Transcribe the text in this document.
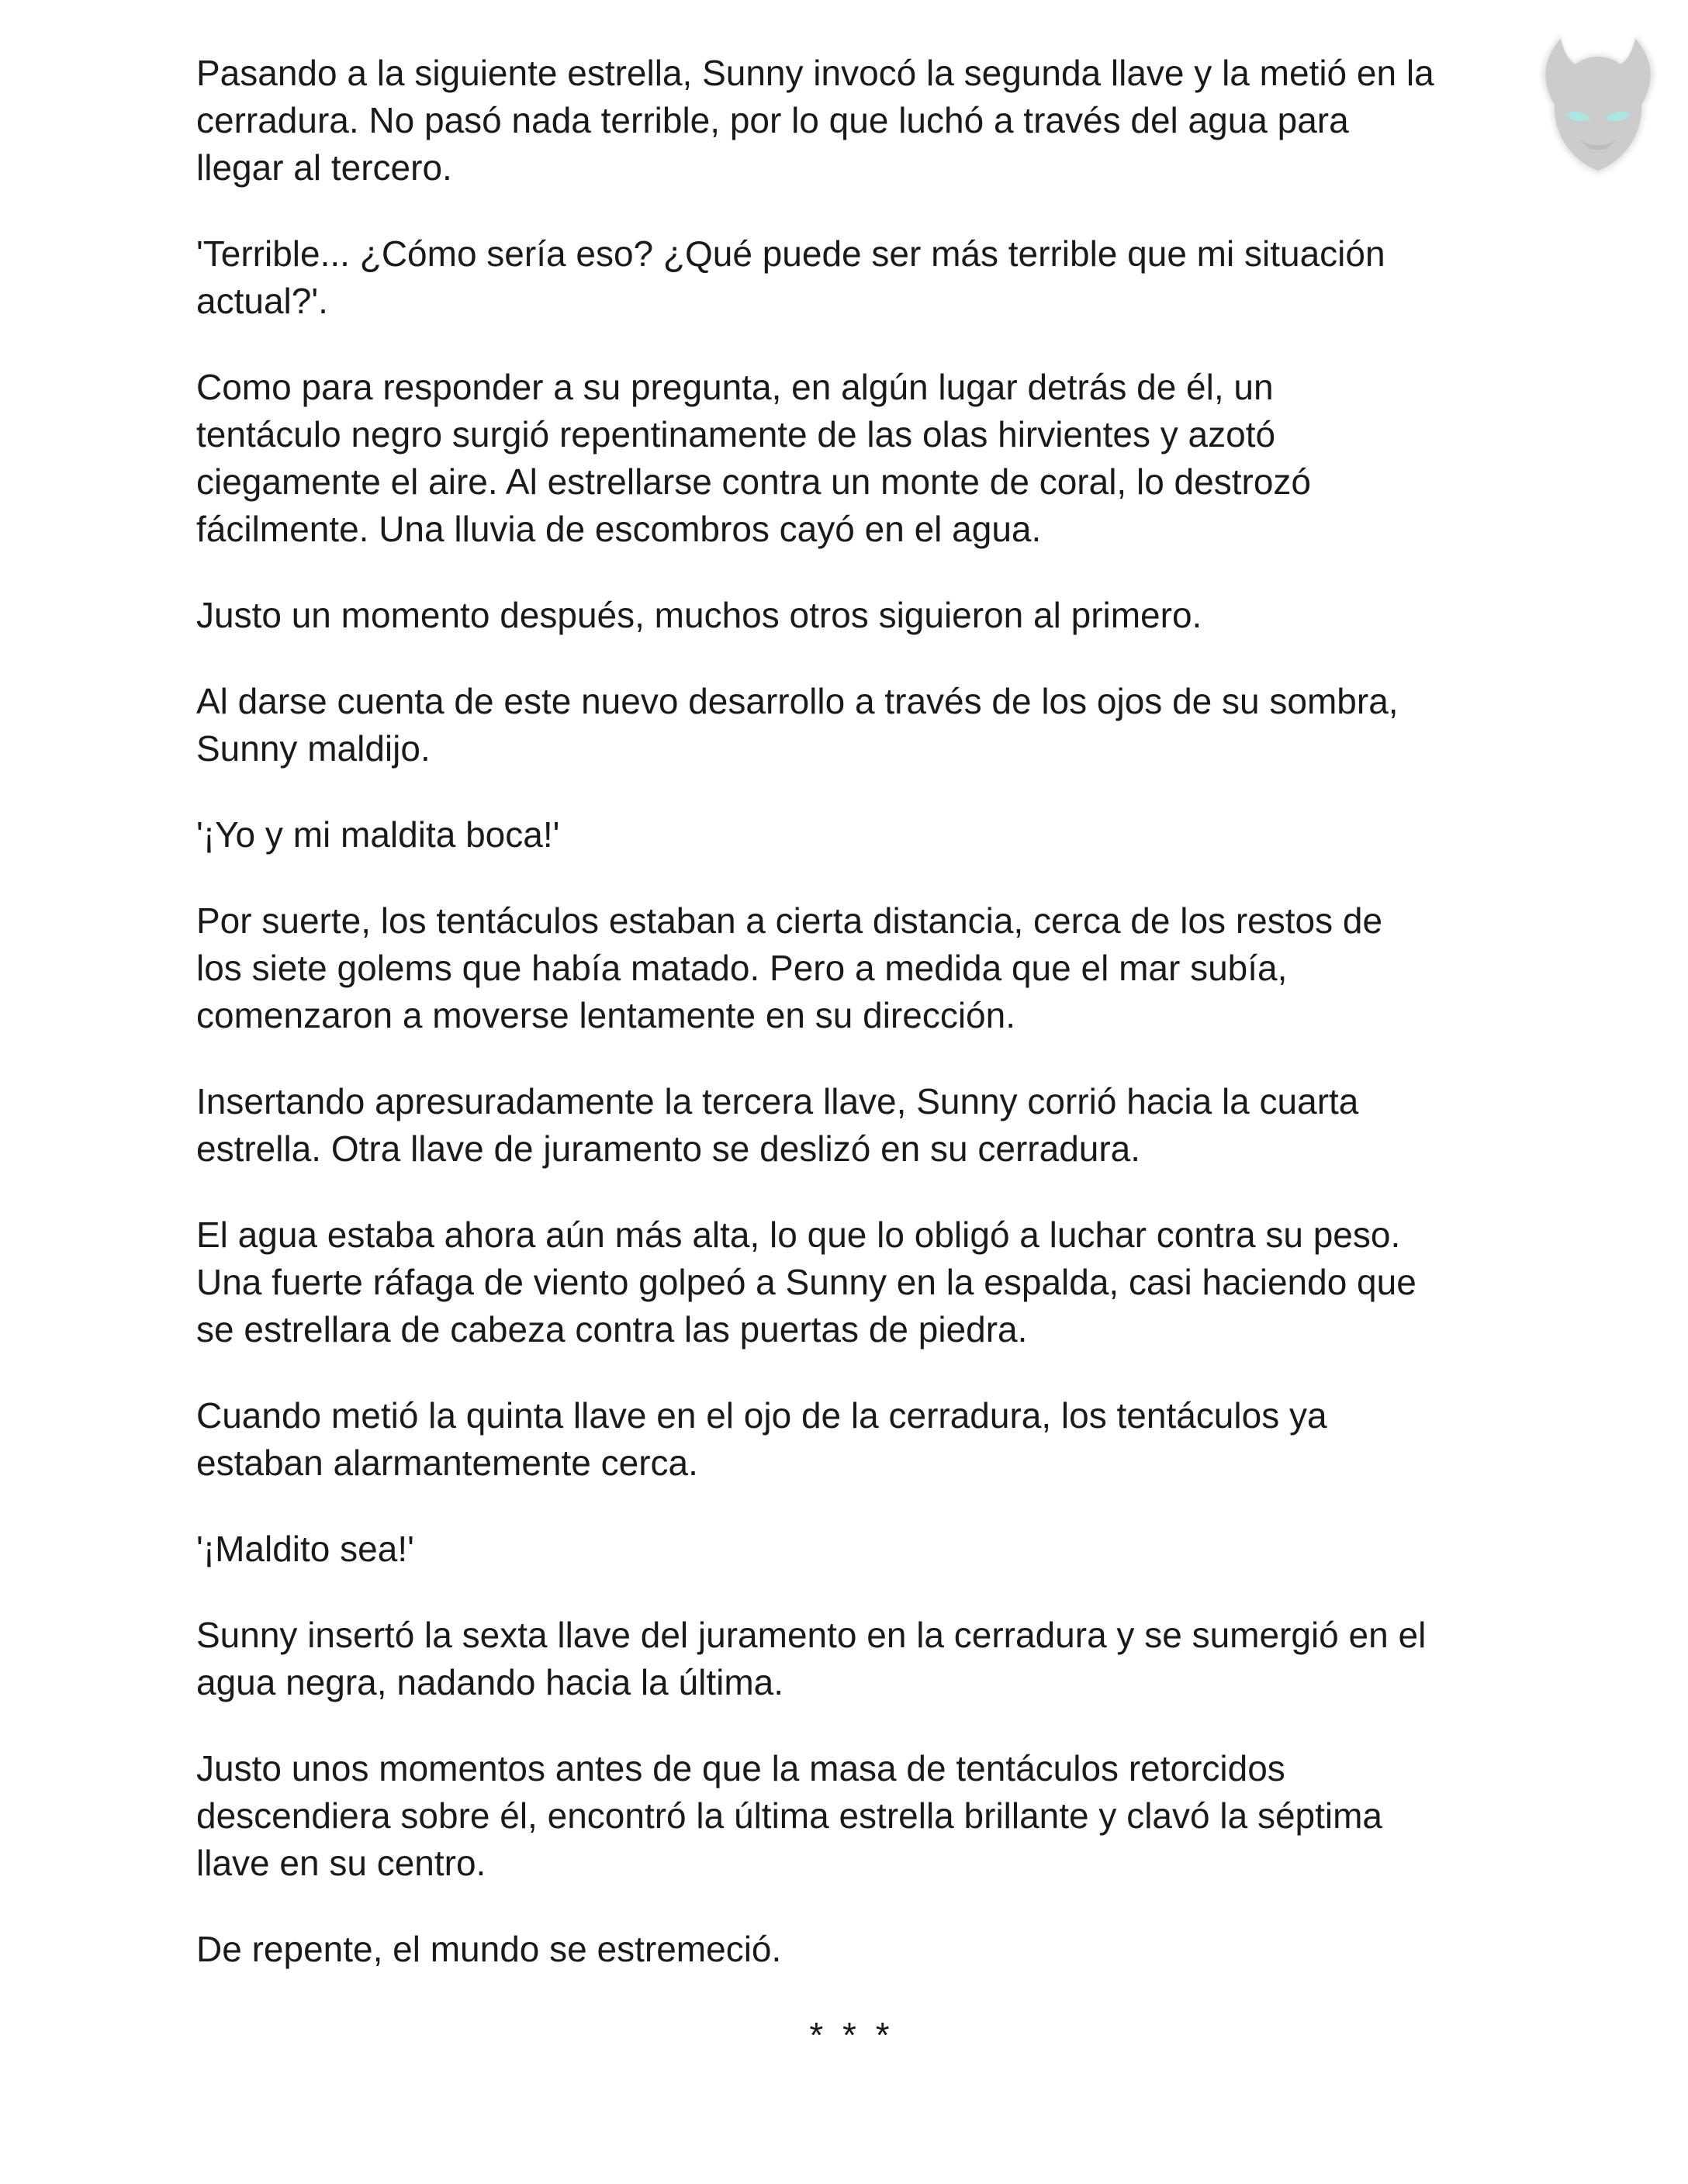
Pasando a la siguiente estrella, Sunny invocó la segunda llave y la metió en la
cerradura. No pasó nada terrible, por lo que luchó a través del agua para
llegar al tercero.

'Terrible... ¿Cómo sería eso? ¿Qué puede ser más terrible que mi situación
actual?'.

Como para responder a su pregunta, en algún lugar detrás de él, un
tentáculo negro surgió repentinamente de las olas hirvientes y azotó
ciegamente el aire. Al estrellarse contra un monte de coral, lo destrozó
fácilmente. Una lluvia de escombros cayó en el agua.

Justo un momento después, muchos otros siguieron al primero.

Al darse cuenta de este nuevo desarrollo a través de los ojos de su sombra,
Sunny maldijo.

'¡Yo y mi maldita boca!'

Por suerte, los tentáculos estaban a cierta distancia, cerca de los restos de
los siete golems que había matado. Pero a medida que el mar subía,
comenzaron a moverse lentamente en su dirección.

Insertando apresuradamente la tercera llave, Sunny corrió hacia la cuarta
estrella. Otra llave de juramento se deslizó en su cerradura.

El agua estaba ahora aún más alta, lo que lo obligó a luchar contra su peso.
Una fuerte ráfaga de viento golpeó a Sunny en la espalda, casi haciendo que
se estrellara de cabeza contra las puertas de piedra.

Cuando metió la quinta llave en el ojo de la cerradura, los tentáculos ya
estaban alarmantemente cerca.

'¡Maldito sea!'

Sunny insertó la sexta llave del juramento en la cerradura y se sumergió en el
agua negra, nadando hacia la última.

Justo unos momentos antes de que la masa de tentáculos retorcidos
descendiera sobre él, encontró la última estrella brillante y clavó la séptima
llave en su centro.

De repente, el mundo se estremeció.

* * *
